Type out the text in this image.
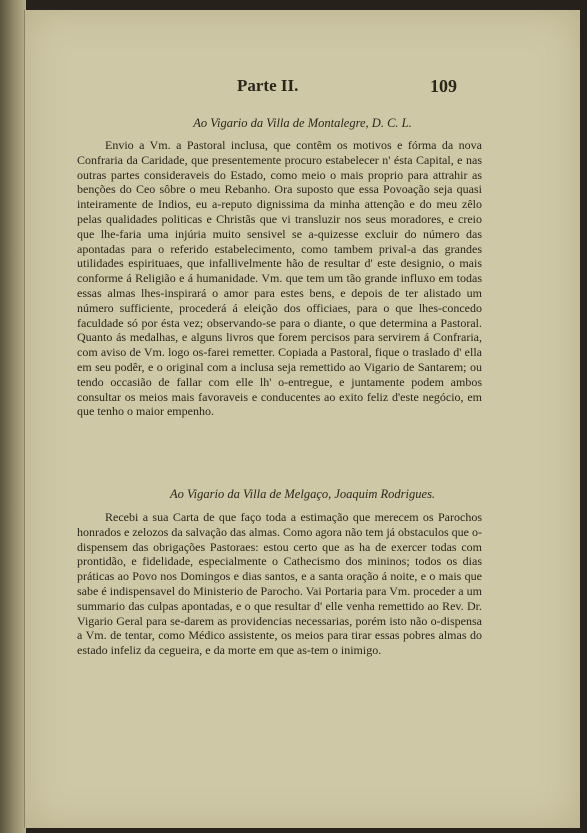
Parte II.	109
Ao Vigario da Villa de Montalegre, D. C. L.

Envio a Vm. a Pastoral inclusa, que contêm os motivos e fórma da nova Confraria da Caridade, que presentemente procuro estabelecer n' ésta Capital, e nas outras partes consideraveis do Estado, como meio o mais proprio para attrahir as benções do Ceo sôbre o meu Rebanho. Ora suposto que essa Povoação seja quasi inteiramente de Indios, eu a-reputo dignissima da minha attenção e do meu zêlo pelas qualidades politicas e Christãs que vi transluzir nos seus moradores, e creio que lhe-faria uma injúria muito sensivel se a-quizesse excluir do número das apontadas para o referido estabelecimento, como tambem prival-a das grandes utilidades espirituaes, que infallivelmente hão de resultar d' este designio, o mais conforme á Religião e á humanidade. Vm. que tem um tão grande influxo em todas essas almas lhes-inspirará o amor para estes bens, e depois de ter alistado um número sufficiente, procederá á eleição dos officiaes, para o que lhes-concedo faculdade só por ésta vez; observando-se para o diante, o que determina a Pastoral. Quanto ás medalhas, e alguns livros que forem percisos para servirem á Confraria, com aviso de Vm. logo os-farei remetter. Copiada a Pastoral, fique o traslado d' ella em seu podêr, e o original com a inclusa seja remettido ao Vigario de Santarem; ou tendo occasião de fallar com elle lh' o-entregue, e juntamente podem ambos consultar os meios mais favoraveis e conducentes ao exito feliz d'este negócio, em que tenho o maior empenho.

Ao Vigario da Villa de Melgaço, Joaquim Rodrigues.

Recebi a sua Carta de que faço toda a estimação que merecem os Parochos honrados e zelozos da salvação das almas. Como agora não tem já obstaculos que o-dispensem das obrigações Pastoraes: estou certo que as ha de exercer todas com prontidão, e fidelidade, especialmente o Cathecismo dos mininos; todos os dias práticas ao Povo nos Domingos e dias santos, e a santa oração á noite, e o mais que sabe é indispensavel do Ministerio de Parocho. Vai Portaria para Vm. proceder a um summario das culpas apontadas, e o que resultar d' elle venha remettido ao Rev. Dr. Vigario Geral para se-darem as providencias necessarias, porém isto não o-dispensa a Vm. de tentar, como Médico assistente, os meios para tirar essas pobres almas do estado infeliz da cegueira, e da morte em que as-tem o inimigo.
